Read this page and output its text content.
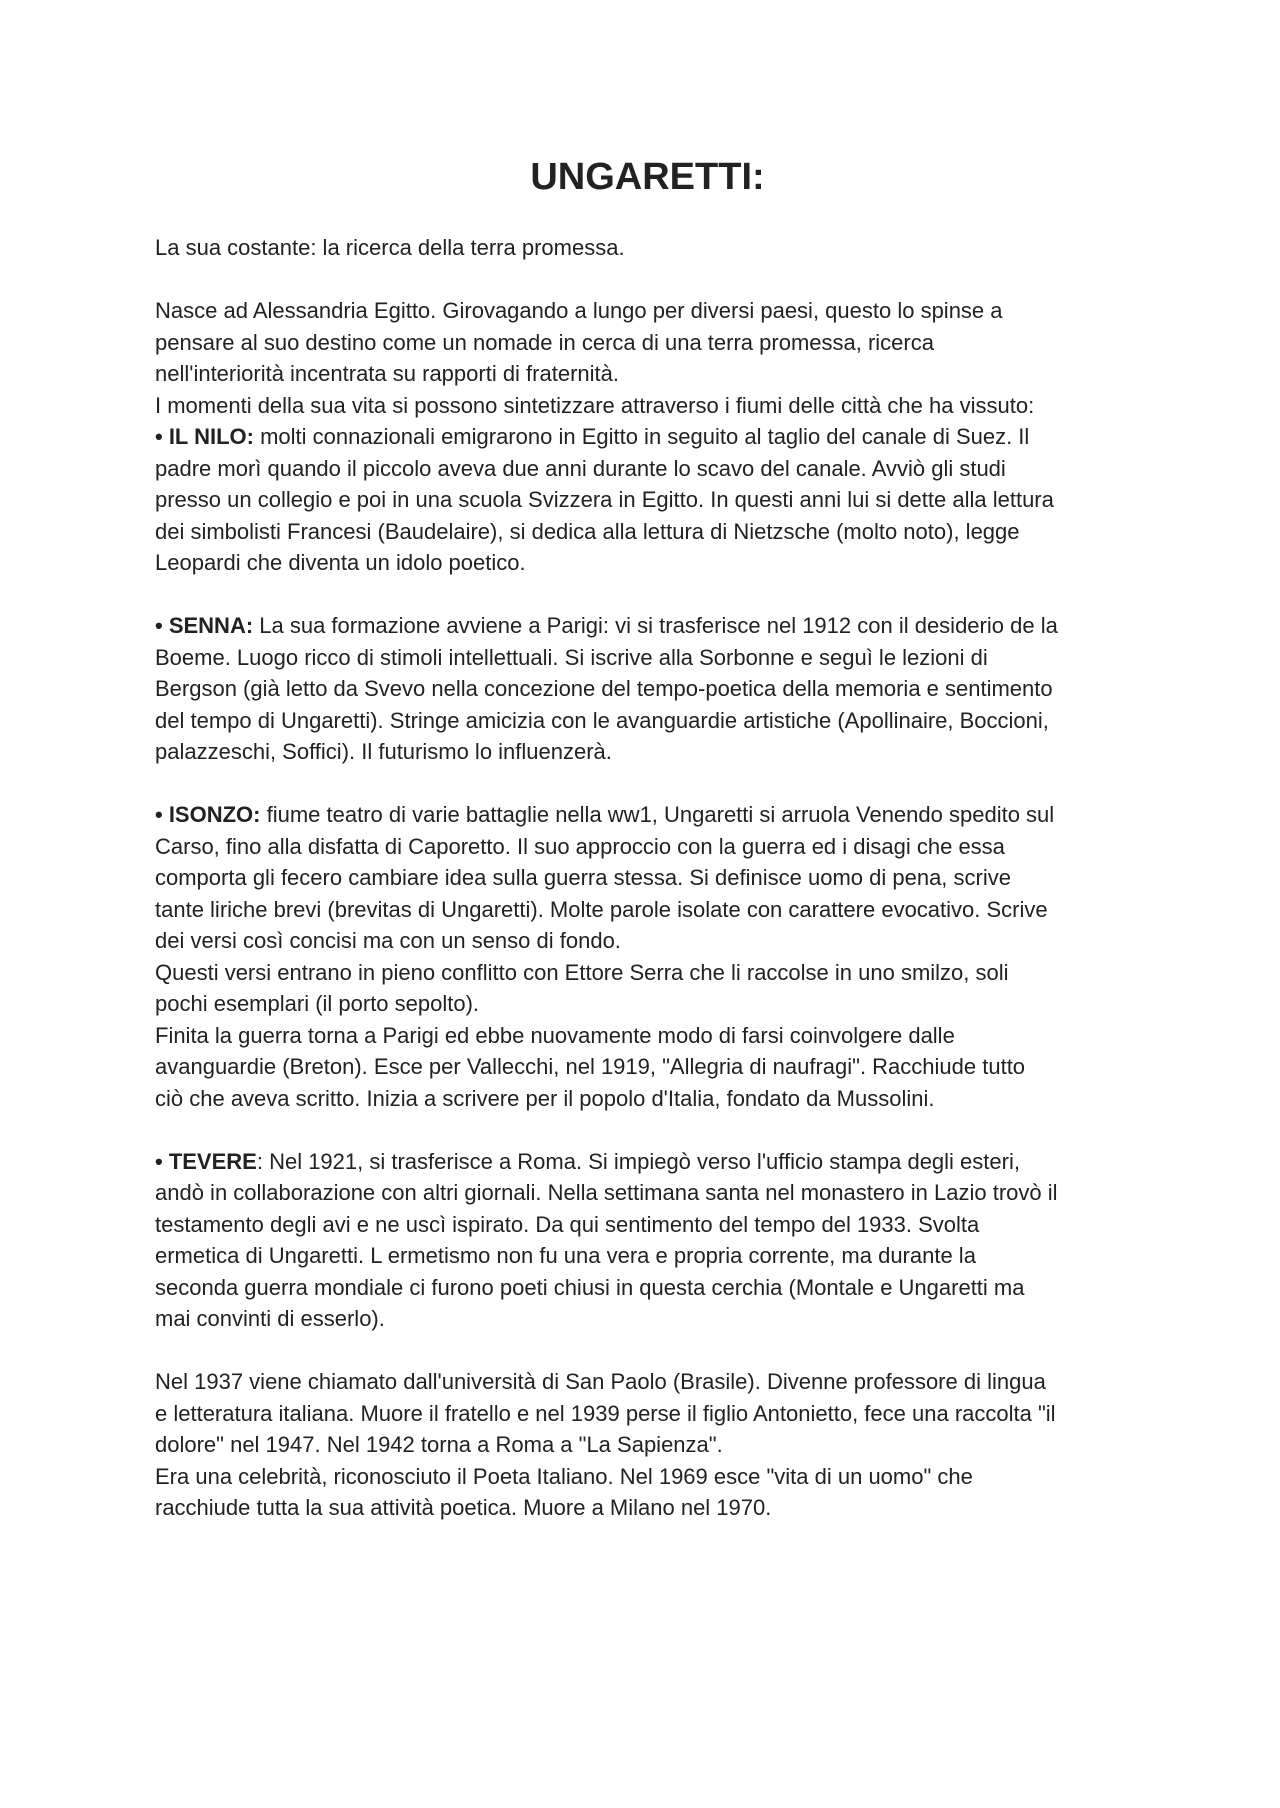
UNGARETTI:

La sua costante: la ricerca della terra promessa.

Nasce ad Alessandria Egitto. Girovagando a lungo per diversi paesi, questo lo spinse a

pensare al suo destino come un nomade in cerca di una terra promessa, ricerca

nell'interiorità incentrata su rapporti di fraternità.

I momenti della sua vita si possono sintetizzare attraverso i fiumi delle città che ha vissuto:

• IL NILO: molti connazionali emigrarono in Egitto in seguito al taglio del canale di Suez. Il

padre morì quando il piccolo aveva due anni durante lo scavo del canale. Avviò gli studi

presso un collegio e poi in una scuola Svizzera in Egitto. In questi anni lui si dette alla lettura

dei simbolisti Francesi (Baudelaire), si dedica alla lettura di Nietzsche (molto noto), legge

Leopardi che diventa un idolo poetico.

• SENNA: La sua formazione avviene a Parigi: vi si trasferisce nel 1912 con il desiderio de la

Boeme. Luogo ricco di stimoli intellettuali. Si iscrive alla Sorbonne e seguì le lezioni di

Bergson (già letto da Svevo nella concezione del tempo-poetica della memoria e sentimento

del tempo di Ungaretti). Stringe amicizia con le avanguardie artistiche (Apollinaire, Boccioni,

palazzeschi, Soffici). Il futurismo lo influenzerà.

• ISONZO: fiume teatro di varie battaglie nella ww1, Ungaretti si arruola Venendo spedito sul

Carso, fino alla disfatta di Caporetto. Il suo approccio con la guerra ed i disagi che essa

comporta gli fecero cambiare idea sulla guerra stessa. Si definisce uomo di pena, scrive

tante liriche brevi (brevitas di Ungaretti). Molte parole isolate con carattere evocativo. Scrive

dei versi così concisi ma con un senso di fondo.

Questi versi entrano in pieno conflitto con Ettore Serra che li raccolse in uno smilzo, soli

pochi esemplari (il porto sepolto).

Finita la guerra torna a Parigi ed ebbe nuovamente modo di farsi coinvolgere dalle

avanguardie (Breton). Esce per Vallecchi, nel 1919, "Allegria di naufragi". Racchiude tutto

ciò che aveva scritto. Inizia a scrivere per il popolo d'Italia, fondato da Mussolini.

• TEVERE: Nel 1921, si trasferisce a Roma. Si impiegò verso l'ufficio stampa degli esteri,

andò in collaborazione con altri giornali. Nella settimana santa nel monastero in Lazio trovò il

testamento degli avi e ne uscì ispirato. Da qui sentimento del tempo del 1933. Svolta

ermetica di Ungaretti. L ermetismo non fu una vera e propria corrente, ma durante la

seconda guerra mondiale ci furono poeti chiusi in questa cerchia (Montale e Ungaretti ma

mai convinti di esserlo).

Nel 1937 viene chiamato dall'università di San Paolo (Brasile). Divenne professore di lingua

e letteratura italiana. Muore il fratello e nel 1939 perse il figlio Antonietto, fece una raccolta "il

dolore" nel 1947. Nel 1942 torna a Roma a "La Sapienza".

Era una celebrità, riconosciuto il Poeta Italiano. Nel 1969 esce "vita di un uomo" che

racchiude tutta la sua attività poetica. Muore a Milano nel 1970.
